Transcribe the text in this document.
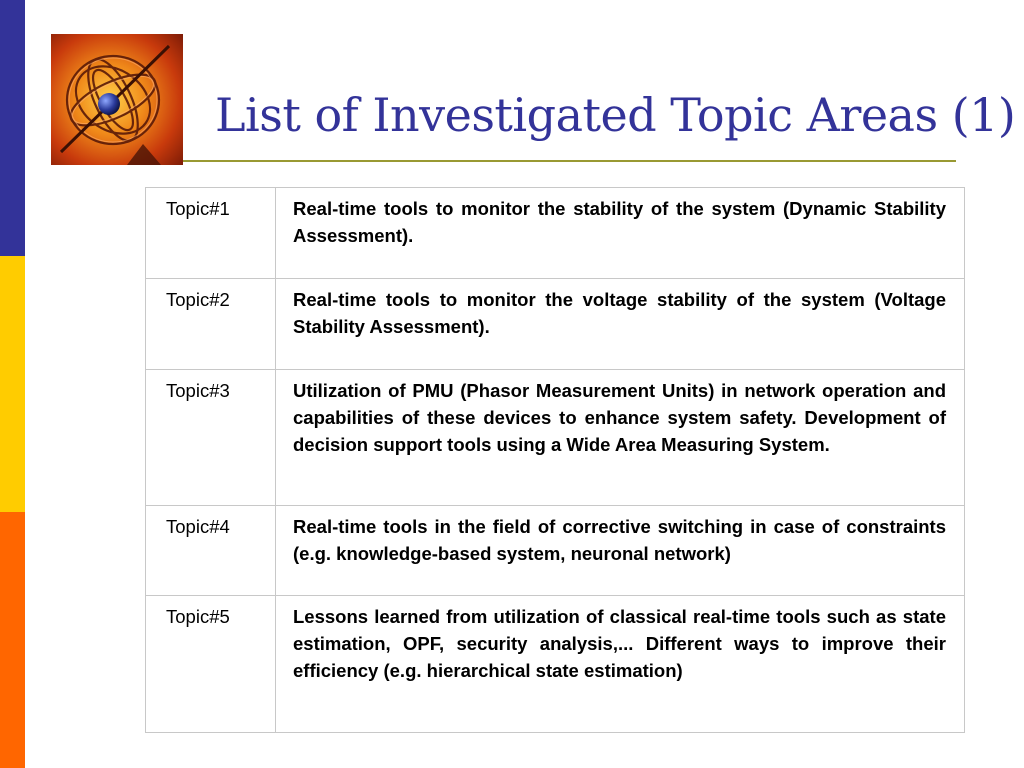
List of Investigated Topic Areas (1)
Topic#1	Real-time tools to monitor the stability of the system (Dynamic Stability Assessment).
Topic#2	Real-time tools to monitor the voltage stability of the system (Voltage Stability Assessment).
Topic#3	Utilization of PMU (Phasor Measurement Units) in network operation and capabilities of these devices to enhance system safety. Development of decision support tools using a Wide Area Measuring System.
Topic#4	Real-time tools in the field of corrective switching in case of constraints (e.g. knowledge-based system, neuronal network)
Topic#5	Lessons learned from utilization of classical real-time tools such as state estimation, OPF, security analysis,... Different ways to improve their efficiency (e.g. hierarchical state estimation)
